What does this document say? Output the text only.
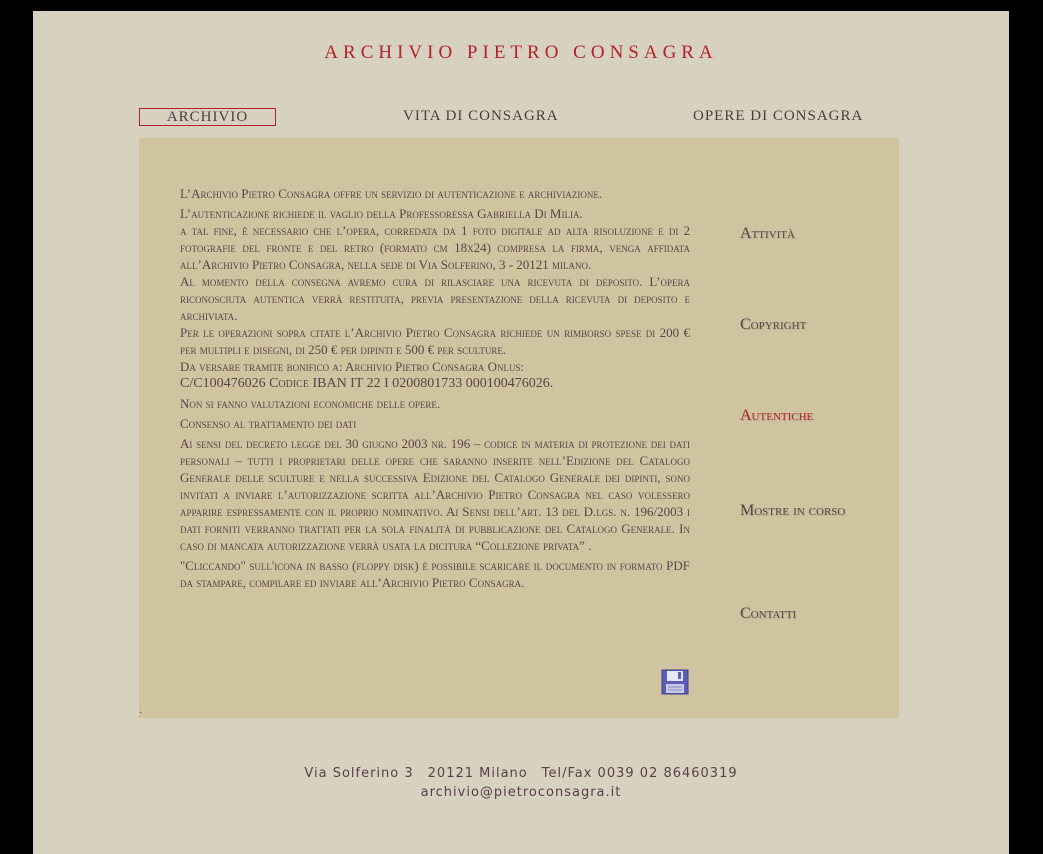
ARCHIVIO PIETRO CONSAGRA
ARCHIVIO	VITA DI CONSAGRA	OPERE DI CONSAGRA

L’Archivio Pietro Consagra offre un servizio di autenticazione e archiviazione.

L’autenticazione richiede il vaglio della Professoressa Gabriella Di Milia.

a tal fine, è necessario che l’opera, corredata da 1 foto digitale ad alta risoluzione e di 2 fotografie del fronte e del retro (formato cm 18x24) compresa la firma, venga affidata all’Archivio Pietro Consagra, nella sede di Via Solferino, 3 - 20121 milano.

Al momento della consegna avremo cura di rilasciare una ricevuta di deposito. L’opera riconosciuta autentica verrà restituita, previa presentazione della ricevuta di deposito e archiviata.

Per le operazioni sopra citate l’Archivio Pietro Consagra richiede un rimborso spese di 200 € per multipli e disegni, di 250 € per dipinti e 500 € per sculture.

Da versare tramite bonifico a: Archivio Pietro Consagra Onlus:

C/C100476026 Codice IBAN IT 22 I 0200801733 000100476026.

Non si fanno valutazioni economiche delle opere.

Consenso al trattamento dei dati

Ai sensi del decreto legge del 30 giugno 2003 nr. 196 – codice in materia di protezione dei dati personali – tutti i proprietari delle opere che saranno inserite nell’Edizione del Catalogo Generale delle sculture e nella successiva Edizione del Catalogo Generale dei dipinti, sono invitati a inviare l’autorizzazione scritta all’Archivio Pietro Consagra nel caso volessero apparire espressamente con il proprio nominativo. Ai Sensi dell’art. 13 del D.lgs. n. 196/2003 i dati forniti verranno trattati per la sola finalità di pubblicazione del Catalogo Generale. In caso di mancata autorizzazione verrà usata la dicitura “Collezione privata” .

"Cliccando" sull'icona in basso (floppy disk) è possibile scaricare il documento in formato PDF da stampare, compilare ed inviare all’Archivio Pietro Consagra.

Attività
Copyright
Autentiche
Mostre in corso
Contatti
.
Via Solferino 3 20121 Milano Tel/Fax 0039 02 86460319
archivio@pietroconsagra.it
